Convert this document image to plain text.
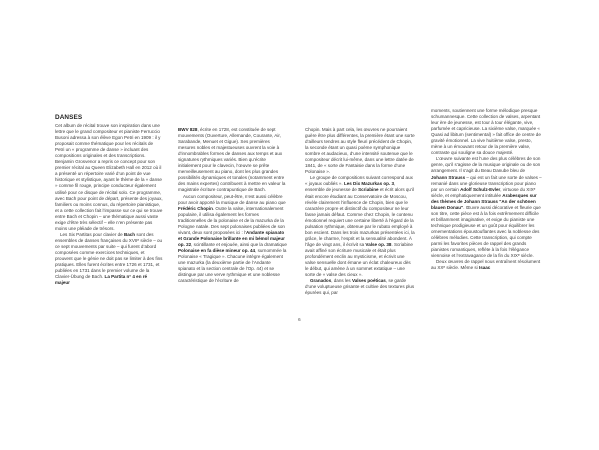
DANSES

Cet album de récital trouve son inspiration dans une lettre que le grand compositeur et pianiste Ferruccio Busoni adressa à son élève Egon Petri en 1909 : il y proposait comme thématique pour les récitals de Petri un « programme de danse » incluant des compositions originales et des transcriptions. Benjamin Grosvenor a repris ce concept pour son premier récital au Queen Elizabeth Hall en 2012 où il a présenté un répertoire varié d’un point de vue historique et stylistique, ayant le thème de la « danse » comme fil rouge, principe conducteur également utilisé pour ce disque de récital solo. Ce programme, avec Bach pour point de départ, présente des joyaux, familiers ou moins connus, du répertoire pianistique, et a cette collection fait l’impasse sur ce qui se trouve entre Bach et Chopin – une thématique aussi vaste exige d’être très sélectif – elle n’en présente pas moins une pléiade de trésors.

Les Six Partitas pour clavier de Bach sont des ensembles de danses françaises du XVIIᵉ siècle – ou ce sept mouvements par suite – qui furent d’abord composées comme exercices techniques, et prouvent que le génie ne doit pas se limiter à des fins pratiques. Elles furent écrites entre 1726 et 1731, et publiées en 1731 dans le premier volume de la Clavier-Übung de Bach. La Partita n° 4 en ré majeur

BWV 828, écrite en 1728, est constituée de sept mouvements (Ouverture, Allemande, Courante, Air, Sarabande, Menuet et Gigue). Ses premières mesures nobles et majestueuses ouvrent la voie à d’innombrables formes de danses aux temps et aux signatures rythmiques variés. Bien qu’écrite initialement pour le clavecin, l’œuvre se prête merveilleusement au piano, dont les plus grandes possibilités dynamiques et tonales (notamment entre des mains expertes) contribuent à mettre en valeur la magistrale écriture contrapuntique de Bach.

Aucun compositeur, peut-être, n’est aussi célèbre pour avoir apporté la musique de danse au piano que Frédéric Chopin. Outre la valse, internationalement populaire, il utilisa également les formes traditionnelles de la polonaise et de la mazurka de la Pologne natale. Des sept polonaises publiées de son vivant, deux sont proposées ici : l’Andante spianato et Grande Polonaise brillante en mi bémol majeur op. 22, scintillante et enjouée, ainsi que la dramatique Polonaise en fa dièse mineur op. 44, surnommée la Polonaise « Tragique ». Chacune intègre également une mazurka (la deuxième partie de l’Andante spianato et la section centrale de l’Op. 44) et se distingue par une verve rythmique et une noblesse caractéristique de l’écriture de

Chopin. Mais à part cela, les œuvres ne pourraient guère être plus différentes, la première étant une sorte d’ailleurs tendres au style fleuri précédent de Chopin, la seconde étant un quasi poème symphonique sombre et audacieux, d’une intensité soutenue que le compositeur décrit lui-même, dans une lettre datée de 1841, de « sorte de Fantaisie dans la forme d’une Polonaise ».

Le groupe de compositions suivant correspond aux « joyaux oubliés ». Les Dix Mazurkas op. 3, ensemble de jeunesse de Scriabine et écrit alors qu’il était encore étudiant au Conservatoire de Moscou, révèle clairement l’influence de Chopin, bien que le caractère propre et distinctif du compositeur ne leur fasse jamais défaut. Comme chez Chopin, le contenu émotionnel requiert une certaine liberté à l’égard de la pulsation rythmique, obtenue par le rubato employé à bon escient. Dans les trois mazurkas présentées ici, la grâce, le charme, l’esprit et la sensualité abondent. À l’âge de vingt ans, il écrivit sa Valse op. 38. Scriabine avait affiné son écriture musicale et était plus profondément enclin au mysticisme, et écrivit une valse sensuelle dont émane un éclat chaleureux dès le début, qui amène à un sommet extatique – une sorte de « valse des cieux ».

Granados, dans les Valses poéticas, se garde d’une voluptueuse grisante et cultive des textures plus épurées qui, par

moments, soutiennent une forme mélodique presque schumannesque. Cette collection de valses, arpentant leur ère de jeunesse, est tour à tour élégante, vive, parfumée et capricieuse. La sixième valse, marquée « Quasi ad libitum (sentimental) » fait office de centre de gravité émotionnel. La vive huitième valse, presto, mène à un émouvant retour de la première valse, contraste qui souligne sa douce majesté.

L’œuvre suivante est l’une des plus célèbres de son genre, qu’il s’agisse de la musique originale ou de son arrangement. Il s’agit du Beau Danube bleu de Johann Strauss – qui est un fait une sorte de valses – remanié dans une glorieuse transcription pour piano par un certain Adolf Schulz-Evler, virtuose du XIXᵉ siècle, et emphatiquement intitulée Arabesques sur des thèmes de Johann Strauss "An der schönen blauen Donau". Œuvre aussi décorative et fleurie que son titre, cette pièce est à la fois extrêmement difficile et brillamment imaginative, et exige du pianiste une technique prodigieuse et un goût pour équilibrer les ornementations époustouflantes avec la noblesse des célèbres mélodies. Cette transcription, qui compte parmi les favorites pièces de rappel des grands pianistes romantiques, reflète à la fois l’élégance viennoise et l’extravagance de la fin du XIXᵉ siècle.

Deux œuvres de rappel nous entraînent résolument au XXᵉ siècle. Même si Isaac

6
